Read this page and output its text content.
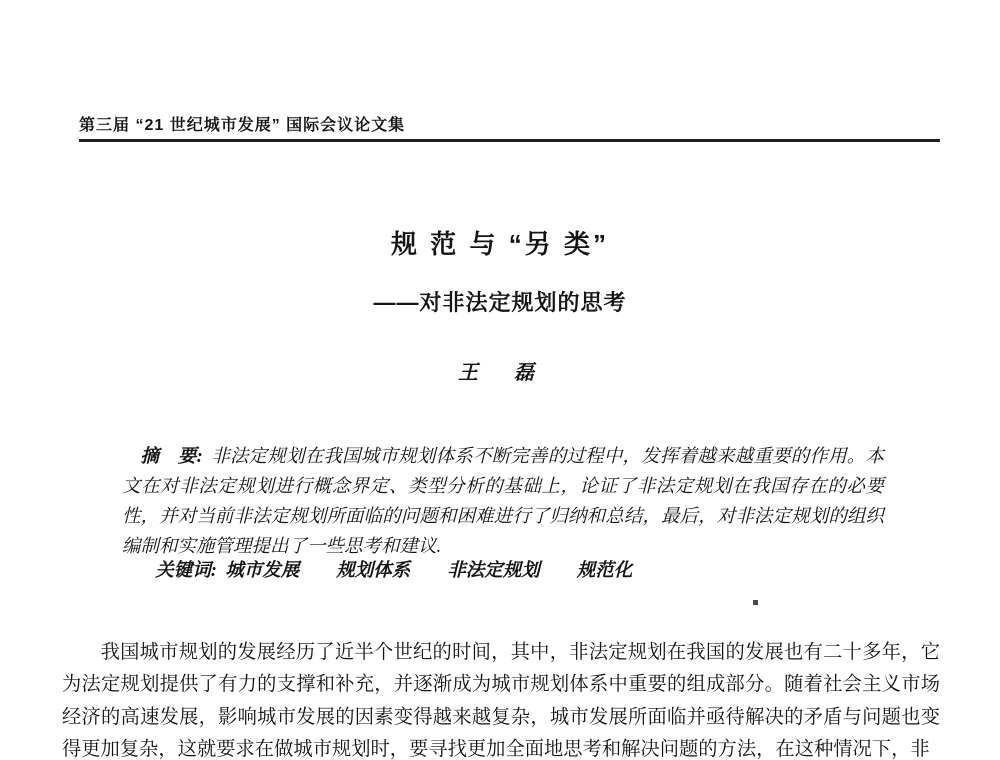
第三届 “21 世纪城市发展” 国际会议论文集
规 范 与 “另 类”
——对非法定规划的思考
王　磊

摘　要: 非法定规划在我国城市规划体系不断完善的过程中，发挥着越来越重要的作用。本文在对非法定规划进行概念界定、类型分析的基础上，论证了非法定规划在我国存在的必要性，并对当前非法定规划所面临的问题和困难进行了归纳和总结，最后，对非法定规划的组织编制和实施管理提出了一些思考和建议.

关键词: 城市发展　　规划体系　　非法定规划　　规范化

我国城市规划的发展经历了近半个世纪的时间，其中，非法定规划在我国的发展也有二十多年，它为法定规划提供了有力的支撑和补充，并逐渐成为城市规划体系中重要的组成部分。随着社会主义市场经济的高速发展，影响城市发展的因素变得越来越复杂，城市发展所面临并亟待解决的矛盾与问题也变得更加复杂，这就要求在做城市规划时，要寻找更加全面地思考和解决问题的方法，在这种情况下，非
